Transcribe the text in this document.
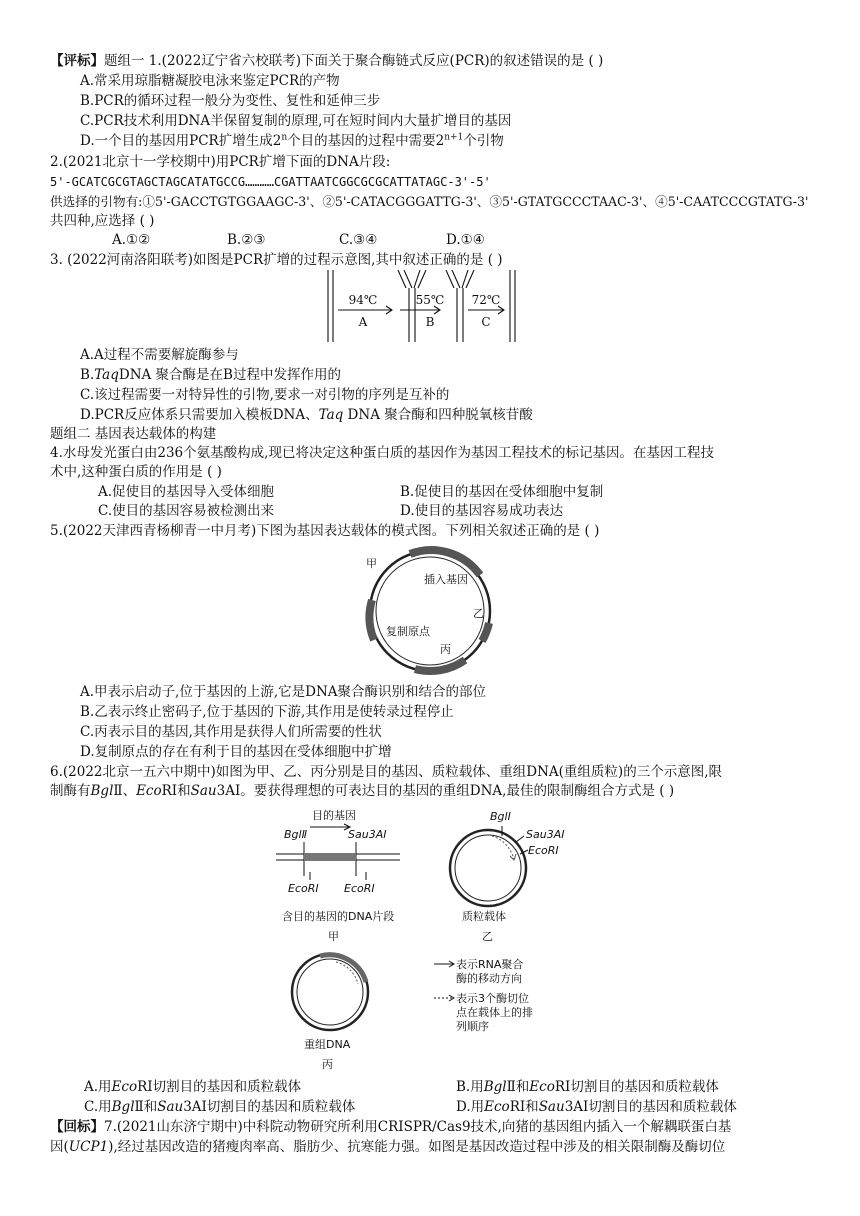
【评标】题组一 1.(2022辽宁省六校联考)下面关于聚合酶链式反应(PCR)的叙述错误的是 ( )
A.常采用琼脂糖凝胶电泳来鉴定PCR的产物
B.PCR的循环过程一般分为变性、复性和延伸三步
C.PCR技术利用DNA半保留复制的原理,可在短时间内大量扩增目的基因
D.一个目的基因用PCR扩增生成2$^n$个目的基因的过程中需要$2^{n+1}$个引物
2.(2021北京十一学校期中)用PCR扩增下面的DNA片段:
5'-GCATCGCGTAGCTAGCATATGCCG…………CGATTAATCGGCGCGCATTATAGC-3'-5'
供选择的引物有:①5'-GACCTGTGGAAGC-3'、②5'-CATACGGGATTG-3'、③5'-GTATGCCCTAAC-3'、④5'-CAATCCCGTATG-3'
共四种,应选择 ( )
A.①②	B.②③	C.③④	D.①④
3. (2022河南洛阳联考)如图是PCR扩增的过程示意图,其中叙述正确的是 ( )
94℃
A
55℃
B
72℃
C
A.A过程不需要解旋酶参与
B.TaqDNA 聚合酶是在B过程中发挥作用的
C.该过程需要一对特异性的引物,要求一对引物的序列是互补的
D.PCR反应体系只需要加入模板DNA、Taq DNA 聚合酶和四种脱氧核苷酸
题组二 基因表达载体的构建
4.水母发光蛋白由236个氨基酸构成,现已将决定这种蛋白质的基因作为基因工程技术的标记基因。在基因工程技
术中,这种蛋白质的作用是 ( )
A.促使目的基因导入受体细胞	B.促使目的基因在受体细胞中复制
C.使目的基因容易被检测出来	D.使目的基因容易成功表达
5.(2022天津西青杨柳青一中月考)下图为基因表达载体的模式图。下列相关叙述正确的是 ( )
甲
插入基因
乙
复制原点
丙
A.甲表示启动子,位于基因的上游,它是DNA聚合酶识别和结合的部位
B.乙表示终止密码子,位于基因的下游,其作用是使转录过程停止
C.丙表示目的基因,其作用是获得人们所需要的性状
D.复制原点的存在有利于目的基因在受体细胞中扩增
6.(2022北京一五六中期中)如图为甲、乙、丙分别是目的基因、质粒载体、重组DNA(重组质粒)的三个示意图,限
制酶有BglⅡ、EcoRⅠ和Sau3AⅠ。要获得理想的可表达目的基因的重组DNA,最佳的限制酶组合方式是 ( )
目的基因
BglⅡ	Sau3AⅠ
EcoRⅠ EcoRⅠ
含目的基因的DNA片段
甲
BglⅠ
Sau3AⅠ
EcoRⅠ
质粒载体
乙
重组DNA
丙
表示RNA聚合
酶的移动方向
表示3个酶切位
点在载体上的排
列顺序
A.用EcoRⅠ切割目的基因和质粒载体	B.用BglⅡ和EcoRⅠ切割目的基因和质粒载体
C.用BglⅡ和Sau3AⅠ切割目的基因和质粒载体	D.用EcoRⅠ和Sau3AⅠ切割目的基因和质粒载体
【回标】7.(2021山东济宁期中)中科院动物研究所利用CRISPR/Cas9技术,向猪的基因组内插入一个解耦联蛋白基
因(UCP1),经过基因改造的猪瘦肉率高、脂肪少、抗寒能力强。如图是基因改造过程中涉及的相关限制酶及酶切位
